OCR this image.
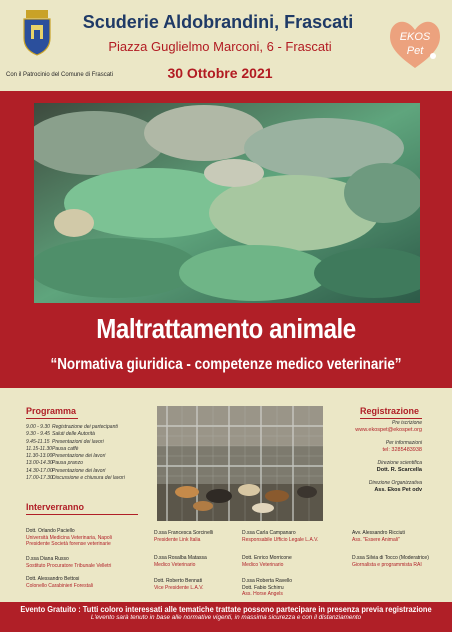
Con il Patrocinio del Comune di Frascati
Scuderie Aldobrandini, Frascati
Piazza Guglielmo Marconi, 6 - Frascati
30 Ottobre 2021
EKOS
Pet
Maltrattamento animale
“Normativa giuridica - competenze medico veterinarie”
Programma
9.00 - 9.30 Registrazione dei partecipanti
9.30 - 9.45 Saluti delle Autorità
9.45-11.15 Presentazioni dei lavori
11.15-11.30 Pausa caffè
11.30-13.00 Presentazione dei lavori
13.00-14.30 Pausa pranzo
14.30-17.00 Presentazione dei lavori
17.00-17.30 Discussione e chiusura dei lavori
Registrazione
Pre iscrizione
www.ekospet@ekospet.org
Per informazioni
tel: 3285483938
Direzione scientifica
Dott. R. Scarcella
Direzione Organizzativa
Ass. Ekos Pet odv
Interverranno
Dott. Orlando Paciello
Università Medicina Veterinaria, Napoli
Presidente Società forense veterinarie
D.ssa Diana Russo
Sostituto Procuratore Tribunale Velletri
Dott. Alessandro Bettosi
Colonello Carabinieri Forestali
D.ssa Francesca Sorcinelli
Presidente Link Italia
D.ssa Rosalba Matassa
Medico Veterinario
Dott. Roberto Bennati
Vice Presidente L.A.V.
D.ssa Carla Campanaro
Responsabile Ufficio Legale L.A.V.
Dott. Enrico Morricone
Medico Veterinario
D.ssa Roberta Ravello
Dott. Fabio Schirru
Ass. Horse Angels
Avv. Alessandro Ricciuti
Ass. "Essere Animali"
D.ssa Silvia di Tocco (Moderatrice)
Giornalista e programmista RAI
Evento Gratuito : Tutti coloro interessati alle tematiche trattate possono partecipare in presenza previa registrazione
L'evento sarà tenuto in base alle normative vigenti, in massima sicurezza e con il distanziamento
